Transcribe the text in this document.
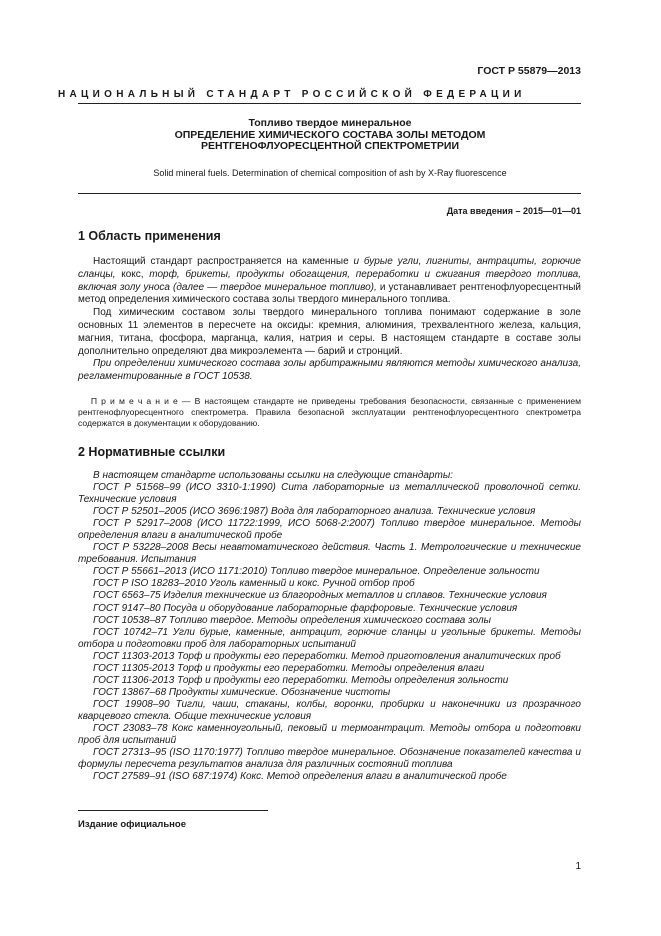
ГОСТ Р 55879—2013
НАЦИОНАЛЬНЫЙ СТАНДАРТ РОССИЙСКОЙ ФЕДЕРАЦИИ
Топливо твердое минеральное
ОПРЕДЕЛЕНИЕ ХИМИЧЕСКОГО СОСТАВА ЗОЛЫ МЕТОДОМ
РЕНТГЕНОФЛУОРЕСЦЕНТНОЙ СПЕКТРОМЕТРИИ
Solid mineral fuels. Determination of chemical composition of ash by X-Ray fluorescence
Дата введения – 2015—01—01
1 Область применения

  Настоящий стандарт распространяется на каменные и бурые угли, лигниты, антрациты, горючие сланцы, кокс, торф, брикеты, продукты обогащения, переработки и сжигания твердого топлива, включая золу уноса (далее — твердое минеральное топливо), и устанавливает рентгенофлуоресцентный метод определения химического состава золы твердого минерального топлива.

  Под химическим составом золы твердого минерального топлива понимают содержание в золе основных 11 элементов в пересчете на оксиды: кремния, алюминия, трехвалентного железа, кальция, магния, титана, фосфора, марганца, калия, натрия и серы. В настоящем стандарте в составе золы дополнительно определяют два микроэлемента — барий и стронций.

  При определении химического состава золы арбитражными являются методы химического анализа, регламентированные в ГОСТ 10538.

  П р и м е ч а н и е — В настоящем стандарте не приведены требования безопасности, связанные с применением рентгенофлуоресцентного спектрометра. Правила безопасной эксплуатации рентгенофлуоресцентного спектрометра содержатся в документации к оборудованию.
2 Нормативные ссылки

  В настоящем стандарте использованы ссылки на следующие стандарты:

  ГОСТ Р 51568–99 (ИСО 3310-1:1990) Сита лабораторные из металлической проволочной сетки. Технические условия

  ГОСТ Р 52501–2005 (ИСО 3696:1987) Вода для лабораторного анализа. Технические условия

  ГОСТ Р 52917–2008 (ИСО 11722:1999, ИСО 5068-2:2007) Топливо твердое минеральное. Методы определения влаги в аналитической пробе

  ГОСТ Р 53228–2008 Весы неавтоматического действия. Часть 1. Метрологические и технические требования. Испытания

  ГОСТ Р 55661–2013 (ИСО 1171:2010) Топливо твердое минеральное. Определение зольности

  ГОСТ Р ISO 18283–2010 Уголь каменный и кокс. Ручной отбор проб

  ГОСТ 6563–75 Изделия технические из благородных металлов и сплавов. Технические условия

  ГОСТ 9147–80 Посуда и оборудование лабораторные фарфоровые. Технические условия

  ГОСТ 10538–87 Топливо твердое. Методы определения химического состава золы

  ГОСТ 10742–71 Угли бурые, каменные, антрацит, горючие сланцы и угольные брикеты. Методы отбора и подготовки проб для лабораторных испытаний

  ГОСТ 11303-2013 Торф и продукты его переработки. Метод приготовления аналитических проб

  ГОСТ 11305-2013 Торф и продукты его переработки. Методы определения влаги

  ГОСТ 11306-2013 Торф и продукты его переработки. Методы определения зольности

  ГОСТ 13867–68 Продукты химические. Обозначение чистоты

  ГОСТ 19908–90 Тигли, чаши, стаканы, колбы, воронки, пробирки и наконечники из прозрачного кварцевого стекла. Общие технические условия

  ГОСТ 23083–78 Кокс каменноугольный, пековый и термоантрацит. Методы отбора и подготовки проб для испытаний

  ГОСТ 27313–95 (ISO 1170:1977) Топливо твердое минеральное. Обозначение показателей качества и формулы пересчета результатов анализа для различных состояний топлива

  ГОСТ 27589–91 (ISO 687:1974) Кокс. Метод определения влаги в аналитической пробе

Издание официальное
1
